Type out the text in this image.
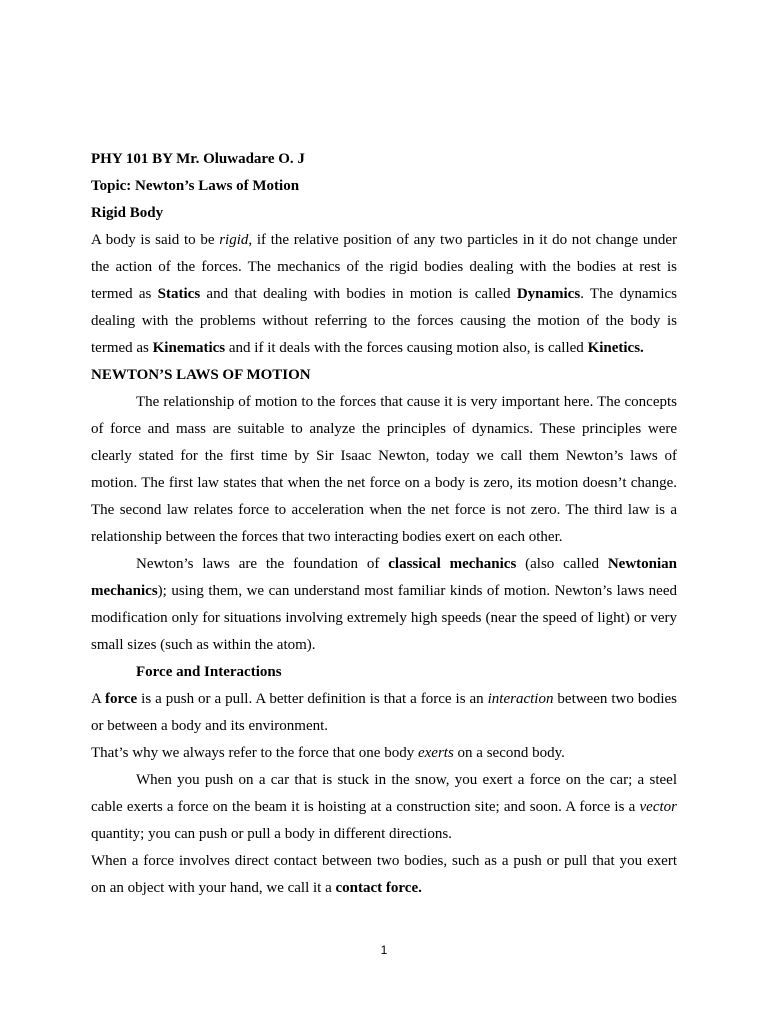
PHY 101 BY Mr. Oluwadare O. J
Topic: Newton’s Laws of Motion
Rigid Body
A body is said to be rigid, if the relative position of any two particles in it do not change under
the action of the forces. The mechanics of the rigid bodies dealing with the bodies at rest is
termed as Statics and that dealing with bodies in motion is called Dynamics. The dynamics
dealing with the problems without referring to the forces causing the motion of the body is
termed as Kinematics and if it deals with the forces causing motion also, is called Kinetics.
NEWTON’S LAWS OF MOTION
The relationship of motion to the forces that cause it is very important here. The concepts
of force and mass are suitable to analyze the principles of dynamics. These principles were
clearly stated for the first time by Sir Isaac Newton, today we call them Newton’s laws of
motion. The first law states that when the net force on a body is zero, its motion doesn’t change.
The second law relates force to acceleration when the net force is not zero. The third law is a
relationship between the forces that two interacting bodies exert on each other.
Newton’s laws are the foundation of classical mechanics (also called Newtonian
mechanics); using them, we can understand most familiar kinds of motion. Newton’s laws need
modification only for situations involving extremely high speeds (near the speed of light) or very
small sizes (such as within the atom).
Force and Interactions
A force is a push or a pull. A better definition is that a force is an interaction between two bodies
or between a body and its environment.
That’s why we always refer to the force that one body exerts on a second body.
When you push on a car that is stuck in the snow, you exert a force on the car; a steel
cable exerts a force on the beam it is hoisting at a construction site; and soon. A force is a vector
quantity; you can push or pull a body in different directions.
When a force involves direct contact between two bodies, such as a push or pull that you exert
on an object with your hand, we call it a contact force.
1
